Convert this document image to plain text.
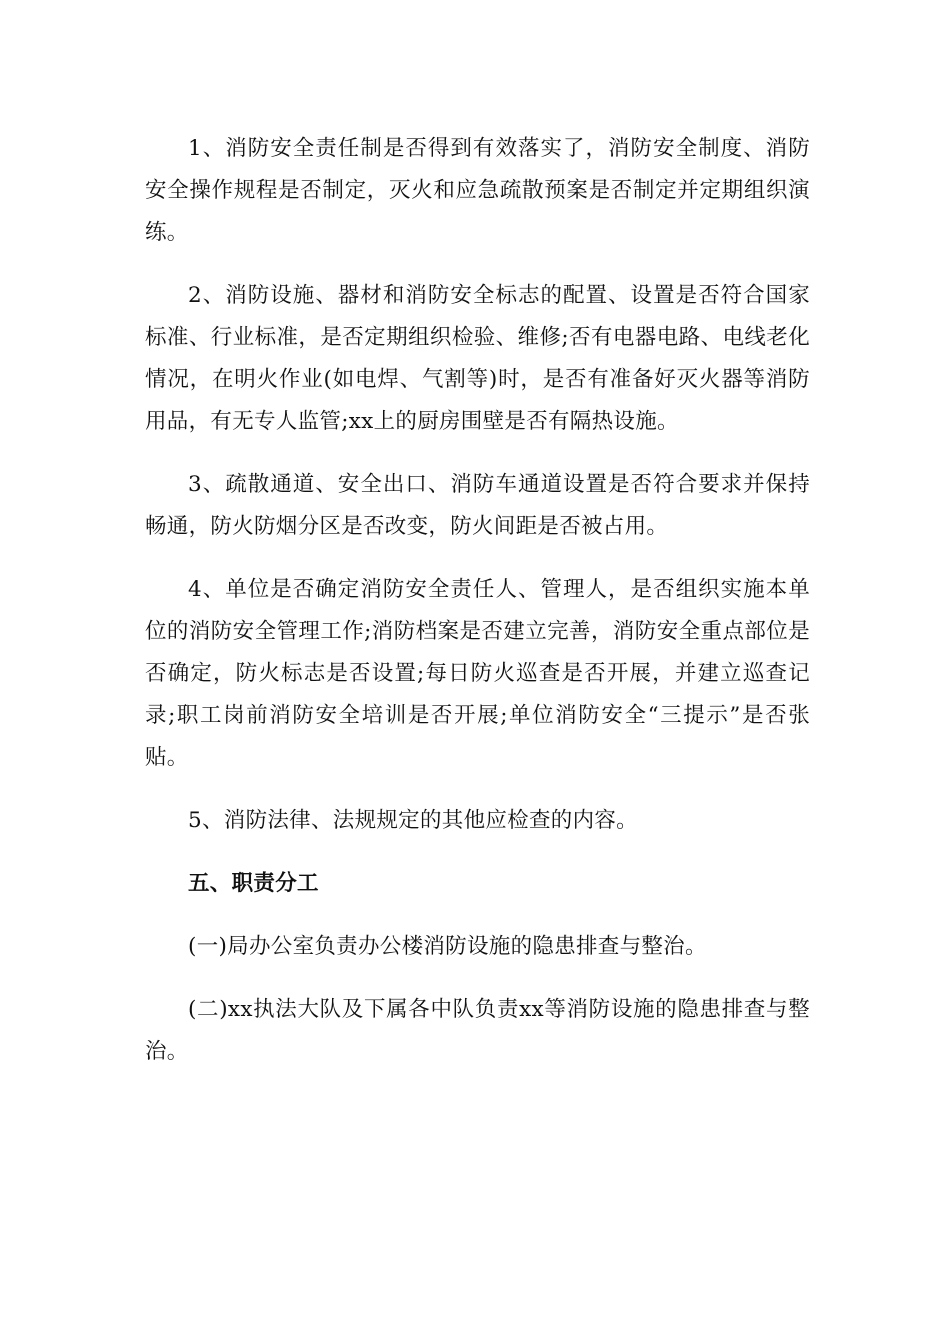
1、消防安全责任制是否得到有效落实了，消防安全制度、消防安全操作规程是否制定，灭火和应急疏散预案是否制定并定期组织演练。

2、消防设施、器材和消防安全标志的配置、设置是否符合国家标准、行业标准，是否定期组织检验、维修;否有电器电路、电线老化情况，在明火作业(如电焊、气割等)时，是否有准备好灭火器等消防用品，有无专人监管;xx上的厨房围壁是否有隔热设施。

3、疏散通道、安全出口、消防车通道设置是否符合要求并保持畅通，防火防烟分区是否改变，防火间距是否被占用。

4、单位是否确定消防安全责任人、管理人，是否组织实施本单位的消防安全管理工作;消防档案是否建立完善，消防安全重点部位是否确定，防火标志是否设置;每日防火巡查是否开展，并建立巡查记录;职工岗前消防安全培训是否开展;单位消防安全“三提示”是否张贴。

5、消防法律、法规规定的其他应检查的内容。

五、职责分工

(一)局办公室负责办公楼消防设施的隐患排查与整治。

(二)xx执法大队及下属各中队负责xx等消防设施的隐患排查与整治。
